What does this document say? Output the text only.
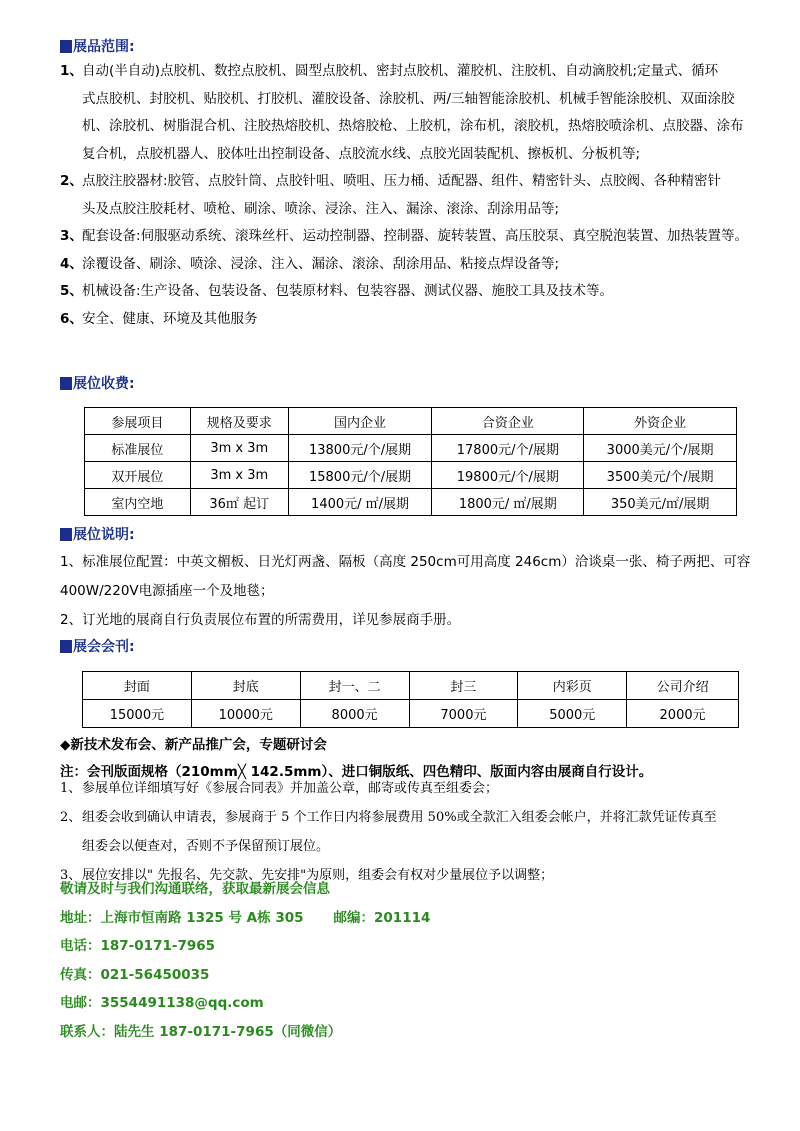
展品范围:
1、 自动(半自动)点胶机、数控点胶机、圆型点胶机、密封点胶机、灌胶机、注胶机、自动滴胶机;定量式、循环
式点胶机、封胶机、贴胶机、打胶机、灌胶设备、涂胶机、两/三轴智能涂胶机、机械手智能涂胶机、双面涂胶
机、涂胶机、树脂混合机、注胶热熔胶机、热熔胶枪、上胶机，涂布机，滚胶机，热熔胶喷涂机、点胶器、涂布
复合机，点胶机器人、胶体吐出控制设备、点胶流水线、点胶光固装配机、擦板机、分板机等;
2、 点胶注胶器材:胶管、点胶针筒、点胶针咀、喷咀、压力桶、适配器、组件、精密针头、点胶阀、各种精密针
头及点胶注胶耗材、喷枪、刷涂、喷涂、浸涂、注入、漏涂、滚涂、刮涂用品等;
3、 配套设备:伺服驱动系统、滚珠丝杆、运动控制器、控制器、旋转装置、高压胶泵、真空脱泡装置、加热装置等。
4、 涂覆设备、刷涂、喷涂、浸涂、注入、漏涂、滚涂、刮涂用品、粘接点焊设备等;
5、 机械设备:生产设备、包装设备、包装原材料、包装容器、测试仪器、施胶工具及技术等。
6、 安全、健康、环境及其他服务
展位收费:
参展项目	规格及要求	国内企业	合资企业	外资企业
标准展位	3m x 3m	13800元/个/展期	17800元/个/展期	3000美元/个/展期
双开展位	3m x 3m	15800元/个/展期	19800元/个/展期	3500美元/个/展期
室内空地	36㎡ 起订	1400元/ ㎡/展期	1800元/ ㎡/展期	350美元/㎡/展期
展位说明:
1、标准展位配置：中英文楣板、日光灯两盏、隔板（高度 250cm可用高度 246cm）洽谈桌一张、椅子两把、可容
400W/220V电源插座一个及地毯；
2、订光地的展商自行负责展位布置的所需费用，详见参展商手册。
展会会刊:
封面	封底	封一、二	封三	内彩页	公司介绍
15000元	10000元	8000元	7000元	5000元	2000元
◆新技术发布会、新产品推广会，专题研讨会
注：会刊版面规格（210mm╳ 142.5mm）、进口铜版纸、四色精印、版面内容由展商自行设计。
1、 参展单位详细填写好《参展合同表》并加盖公章，邮寄或传真至组委会；
2、 组委会收到确认申请表，参展商于 5 个工作日内将参展费用 50%或全款汇入组委会帐户，并将汇款凭证传真至
组委会以便查对，否则不予保留预订展位。
3、 展位安排以" 先报名、先交款、先安排"为原则，组委会有权对少量展位予以调整；
敬请及时与我们沟通联络，获取最新展会信息
地址：上海市恒南路 1325 号 A栋 305 邮编：201114
电话：187-0171-7965
传真：021-56450035
电邮：3554491138@qq.com
联系人：陆先生 187-0171-7965（同微信）
